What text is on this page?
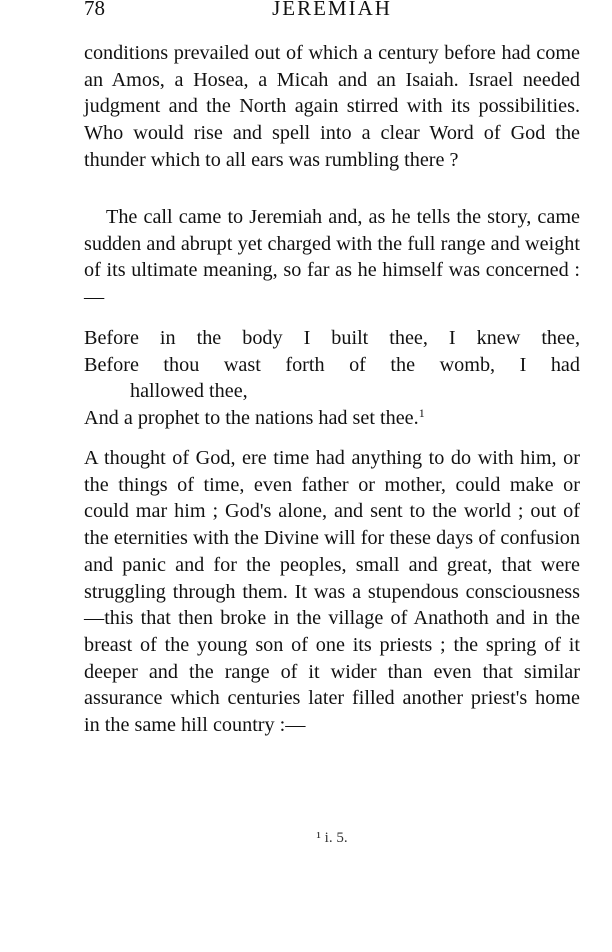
78	JEREMIAH

conditions prevailed out of which a century before had come an Amos, a Hosea, a Micah and an Isaiah. Israel needed judgment and the North again stirred with its possibilities. Who would rise and spell into a clear Word of God the thunder which to all ears was rumbling there ?

The call came to Jeremiah and, as he tells the story, came sudden and abrupt yet charged with the full range and weight of its ultimate meaning, so far as he himself was concerned :—

Before in the body I built thee, I knew thee,
Before thou wast forth of the womb, I had
hallowed thee,
And a prophet to the nations had set thee.$^1$

A thought of God, ere time had anything to do with him, or the things of time, even father or mother, could make or could mar him ; God's alone, and sent to the world ; out of the eternities with the Divine will for these days of confusion and panic and for the peoples, small and great, that were struggling through them. It was a stupendous consciousness—this that then broke in the village of Anathoth and in the breast of the young son of one its priests ; the spring of it deeper and the range of it wider than even that similar assurance which centuries later filled another priest's home in the same hill country :—

¹ i. 5.
